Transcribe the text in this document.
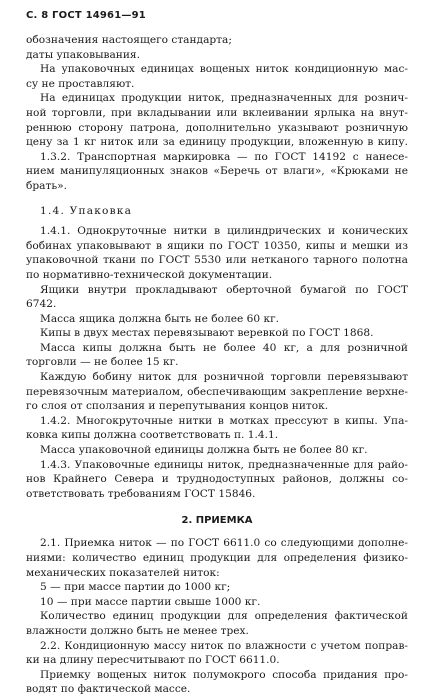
С. 8 ГОСТ 14961—91
обозначения настоящего стандарта;
даты упаковывания.
На упаковочных единицах вощеных ниток кондиционную мас-
су не проставляют.
На единицах продукции ниток, предназначенных для рознич-
ной торговли, при вкладывании или вклеивании ярлыка на внут-
реннюю сторону патрона, дополнительно указывают розничную
цену за 1 кг ниток или за единицу продукции, вложенную в кипу.
1.3.2. Транспортная маркировка — по ГОСТ 14192 с нанесе-
нием манипуляционных знаков «Беречь от влаги», «Крюками не
брать».
1.4. Упаковка
1.4.1. Однокруточные нитки в цилиндрических и конических
бобинах упаковывают в ящики по ГОСТ 10350, кипы и мешки из
упаковочной ткани по ГОСТ 5530 или нетканого тарного полотна
по нормативно-технической документации.
Ящики внутри прокладывают оберточной бумагой по ГОСТ
6742.
Масса ящика должна быть не более 60 кг.
Кипы в двух местах перевязывают веревкой по ГОСТ 1868.
Масса кипы должна быть не более 40 кг, а для розничной
торговли — не более 15 кг.
Каждую бобину ниток для розничной торговли перевязывают
перевязочным материалом, обеспечивающим закрепление верхне-
го слоя от сползания и перепутывания концов ниток.
1.4.2. Многокруточные нитки в мотках прессуют в кипы. Упа-
ковка кипы должна соответствовать п. 1.4.1.
Масса упаковочной единицы должна быть не более 80 кг.
1.4.3. Упаковочные единицы ниток, предназначенные для райо-
нов Крайнего Севера и труднодоступных районов, должны со-
ответствовать требованиям ГОСТ 15846.
2. ПРИЕМКА
2.1. Приемка ниток — по ГОСТ 6611.0 со следующими дополне-
ниями: количество единиц продукции для определения физико-
механических показателей ниток:
5 — при массе партии до 1000 кг;
10 — при массе партии свыше 1000 кг.
Количество единиц продукции для определения фактической
влажности должно быть не менее трех.
2.2. Кондиционную массу ниток по влажности с учетом поправ-
ки на длину пересчитывают по ГОСТ 6611.0.
Приемку вощеных ниток полумокрого способа придания про-
водят по фактической массе.
